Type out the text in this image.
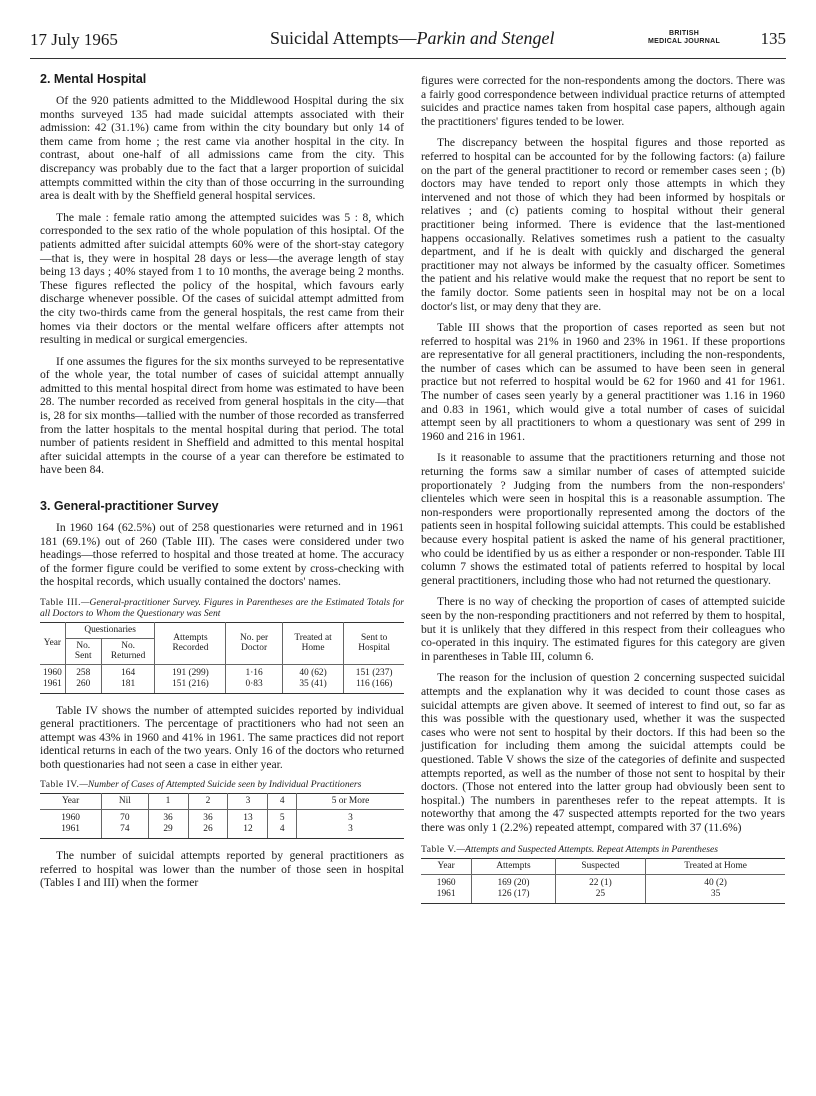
17 July 1965	Suicidal Attempts—Parkin and Stengel	BRITISH
MEDICAL JOURNAL 135
2. Mental Hospital

Of the 920 patients admitted to the Middlewood Hospital during the six months surveyed 135 had made suicidal attempts associated with their admission: 42 (31.1%) came from within the city boundary but only 14 of them came from home ; the rest came via another hospital in the city. In contrast, about one-half of all admissions came from the city. This discrepancy was probably due to the fact that a larger proportion of suicidal attempts committed within the city than of those occurring in the surrounding area is dealt with by the Sheffield general hospital services.

The male : female ratio among the attempted suicides was 5 : 8, which corresponded to the sex ratio of the whole population of this hosiptal. Of the patients admitted after suicidal attempts 60% were of the short-stay category—that is, they were in hospital 28 days or less—the average length of stay being 13 days ; 40% stayed from 1 to 10 months, the average being 2 months. These figures reflected the policy of the hospital, which favours early discharge whenever possible. Of the cases of suicidal attempt admitted from the city two-thirds came from the general hospitals, the rest came from their homes via their doctors or the mental welfare officers after attempts not resulting in medical or surgical emergencies.

If one assumes the figures for the six months surveyed to be representative of the whole year, the total number of cases of suicidal attempt annually admitted to this mental hospital direct from home was estimated to have been 28. The number recorded as received from general hospitals in the city—that is, 28 for six months—tallied with the number of those recorded as transferred from the latter hospitals to the mental hospital during that period. The total number of patients resident in Sheffield and admitted to this mental hospital after suicidal attempts in the course of a year can therefore be estimated to have been 84.

3. General-practitioner Survey

In 1960 164 (62.5%) out of 258 questionaries were returned and in 1961 181 (69.1%) out of 260 (Table III). The cases were considered under two headings—those referred to hospital and those treated at home. The accuracy of the former figure could be verified to some extent by cross-checking with the hospital records, which usually contained the doctors' names.

Table III.—General-practitioner Survey. Figures in Parentheses are the Estimated Totals for all Doctors to Whom the Questionary was Sent
Year	Questionaries		Attempts Recorded	No. per Doctor	Treated at Home	Sent to Hospital
	No. Sent	No. Returned				
1960	258	164	191 (299)	1·16	40 (62)	151 (237)
1961	260	181	151 (216)	0·83	35 (41)	116 (166)

Table IV shows the number of attempted suicides reported by individual general practitioners. The percentage of practitioners who had not seen an attempt was 43% in 1960 and 41% in 1961. The same practices did not report identical returns in each of the two years. Only 16 of the doctors who returned both questionaries had not seen a case in either year.

Table IV.—Number of Cases of Attempted Suicide seen by Individual Practitioners
Year	Nil	1	2	3	4	5 or More
1960	70	36	36	13	5	3
1961	74	29	26	12	4	3

The number of suicidal attempts reported by general practitioners as referred to hospital was lower than the number of those seen in hospital (Tables I and III) when the former

figures were corrected for the non-respondents among the doctors. There was a fairly good correspondence between individual practice returns of attempted suicides and practice names taken from hospital case papers, although again the practitioners' figures tended to be lower.

The discrepancy between the hospital figures and those reported as referred to hospital can be accounted for by the following factors: (a) failure on the part of the general practitioner to record or remember cases seen ; (b) doctors may have tended to report only those attempts in which they intervened and not those of which they had been informed by hospitals or relatives ; and (c) patients coming to hospital without their general practitioner being informed. There is evidence that the last-mentioned happens occasionally. Relatives sometimes rush a patient to the casualty department, and if he is dealt with quickly and discharged the general practitioner may not always be informed by the casualty officer. Sometimes the patient and his relative would make the request that no report be sent to the family doctor. Some patients seen in hospital may not be on a local doctor's list, or may deny that they are.

Table III shows that the proportion of cases reported as seen but not referred to hospital was 21% in 1960 and 23% in 1961. If these proportions are representative for all general practitioners, including the non-respondents, the number of cases which can be assumed to have been seen in general practice but not referred to hospital would be 62 for 1960 and 41 for 1961. The number of cases seen yearly by a general practitioner was 1.16 in 1960 and 0.83 in 1961, which would give a total number of cases of suicidal attempt seen by all practitioners to whom a questionary was sent of 299 in 1960 and 216 in 1961.

Is it reasonable to assume that the practitioners returning and those not returning the forms saw a similar number of cases of attempted suicide proportionately ? Judging from the numbers from the non-responders' clienteles which were seen in hospital this is a reasonable assumption. The non-responders were proportionally represented among the doctors of the patients seen in hospital following suicidal attempts. This could be established because every hospital patient is asked the name of his general practitioner, who could be identified by us as either a responder or non-responder. Table III column 7 shows the estimated total of patients referred to hospital by local general practitioners, including those who had not returned the questionary.

There is no way of checking the proportion of cases of attempted suicide seen by the non-responding practitioners and not referred by them to hospital, but it is unlikely that they differed in this respect from their colleagues who co-operated in this inquiry. The estimated figures for this category are given in parentheses in Table III, column 6.

The reason for the inclusion of question 2 concerning suspected suicidal attempts and the explanation why it was decided to count those cases as suicidal attempts are given above. It seemed of interest to find out, so far as this was possible with the questionary used, whether it was the suspected cases who were not sent to hospital by their doctors. If this had been so the justification for including them among the suicidal attempts could be questioned. Table V shows the size of the categories of definite and suspected attempts reported, as well as the number of those not sent to hospital by their doctors. (Those not entered into the latter group had obviously been sent to hospital.) The numbers in parentheses refer to the repeat attempts. It is noteworthy that among the 47 suspected attempts reported for the two years there was only 1 (2.2%) repeated attempt, compared with 37 (11.6%)

Table V.—Attempts and Suspected Attempts. Repeat Attempts in Parentheses
Year	Attempts	Suspected	Treated at Home
1960	169 (20)	22 (1)	40 (2)
1961	126 (17)	25	35
